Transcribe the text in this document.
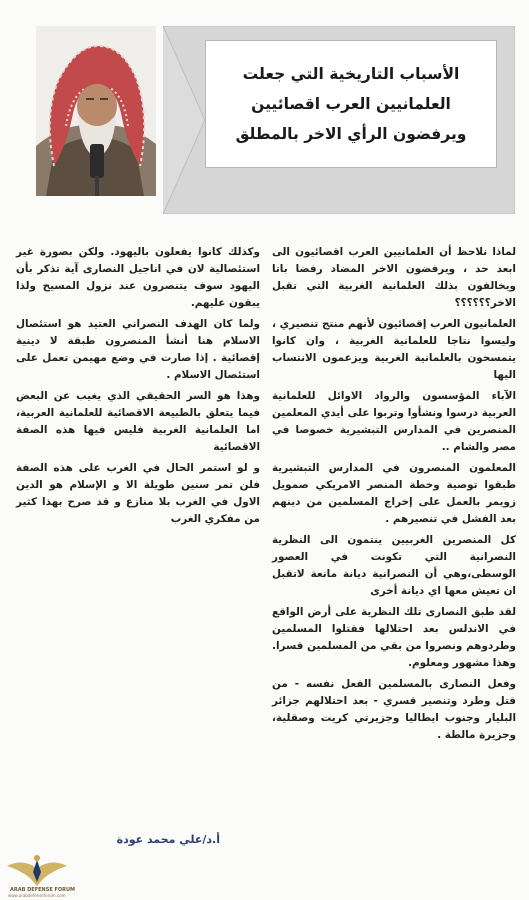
الأسباب التاريخية التي جعلت
العلمانيين العرب اقصائيين
ويرفضون الرأي الاخر بالمطلق

لماذا نلاحظ أن العلمانيين العرب اقصائيون الى ابعد حد ، ويرفضون الاخر المضاد رفضا باتا ويخالفون بذلك العلمانية الغربية التي تقبل الاخر؟؟؟؟؟؟

العلمانيون العرب إقصائيون لأنهم منتج تنصيري ، وليسوا نتاجا للعلمانية الغربية ، وان كانوا يتمسحون بالعلمانية الغربية ويزعمون الانتساب اليها

الآباء المؤسسون والرواد الاوائل للعلمانية العربية درسوا ونشأوا وتربوا على أيدي المعلمين المنصرين في المدارس التبشيرية خصوصا في مصر والشام ..

المعلمون المنصرون في المدارس التبشيرية طبقوا توصية وخطة المنصر الامريكي صمويل زويمر بالعمل على إخراج المسلمين من دينهم بعد الفشل في تنصيرهم .

كل المنصرين الغربيين ينتمون الى النظرية النصرانية التي تكونت في العصور الوسطى،وهي أن النصرانية ديانة مانعة لاتقبل ان تعيش معها اي ديانة أخرى

لقد طبق النصارى تلك النظرية على أرض الواقع في الاندلس بعد احتلالها فقتلوا المسلمين وطردوهم ونصروا من بقي من المسلمين قسرا. وهذا مشهور ومعلوم.

وفعل النصارى بالمسلمين الفعل نفسه - من قتل وطرد وتنصير قسري - بعد احتلالهم جزائر البليار وجنوب ايطاليا وجزيرتي كريت وصقلية، وجزيرة مالطة .

وكذلك كانوا يفعلون باليهود. ولكن بصورة غير استئصالية لان في اناجيل النصارى آية تذكر بأن اليهود سوف يتنصرون عند نزول المسيح ولذا يبقون عليهم.

ولما كان الهدف النصراني العتيد هو استئصال الاسلام هنا أنشأ المنصرون طبقة لا دينية إقصائية . إذا صارت في وضع مهيمن تعمل على استئصال الاسلام .

وهذا هو السر الحقيقي الذي يغيب عن البعض فيما يتعلق بالطبيعة الاقصائية للعلمانية العربية، اما العلمانية الغربية فليس فيها هذه الصفة الاقصائية

و لو استمر الحال في الغرب على هذه الصفة فلن تمر سنين طويلة الا و الإسلام هو الدين الاول في الغرب بلا منازع و قد صرح بهذا كثير من مفكري الغرب

أ.د/علي محمد عودة
ARAB DEFENSE FORUM
www.arabdefenseforum.com
